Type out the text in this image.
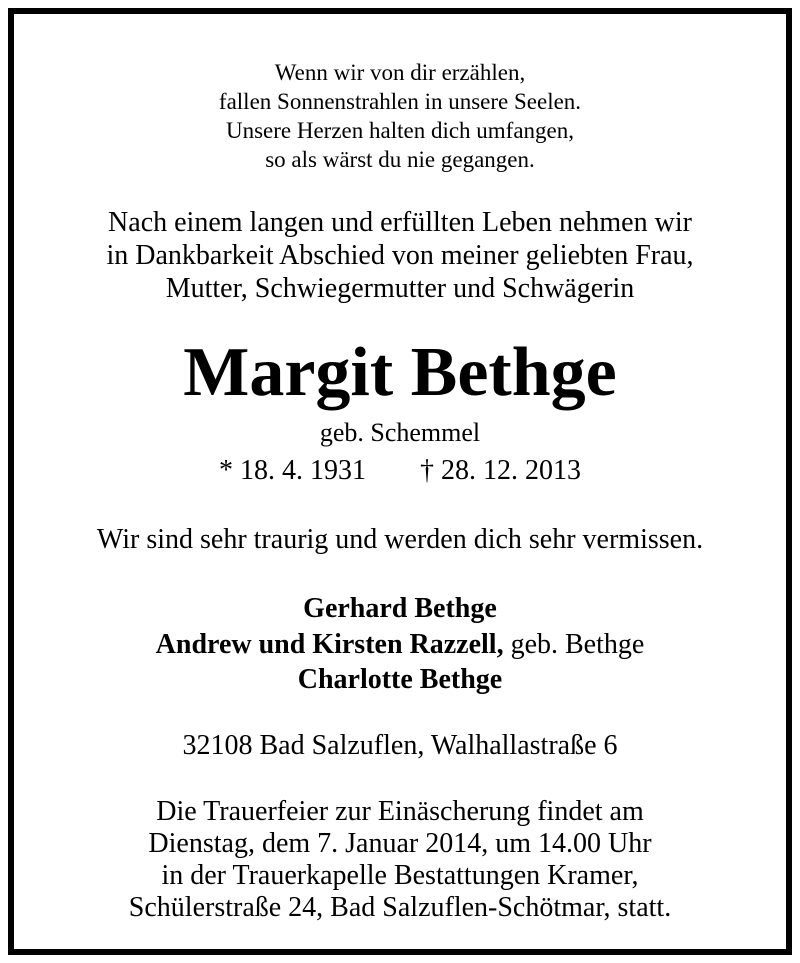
Wenn wir von dir erzählen,
fallen Sonnenstrahlen in unsere Seelen.
Unsere Herzen halten dich umfangen,
so als wärst du nie gegangen.
Nach einem langen und erfüllten Leben nehmen wir
in Dankbarkeit Abschied von meiner geliebten Frau,
Mutter, Schwiegermutter und Schwägerin
Margit Bethge
geb. Schemmel
* 18. 4. 1931 † 28. 12. 2013
Wir sind sehr traurig und werden dich sehr vermissen.
Gerhard Bethge
Andrew und Kirsten Razzell, geb. Bethge
Charlotte Bethge
32108 Bad Salzuflen, Walhallastraße 6
Die Trauerfeier zur Einäscherung findet am
Dienstag, dem 7. Januar 2014, um 14.00 Uhr
in der Trauerkapelle Bestattungen Kramer,
Schülerstraße 24, Bad Salzuflen-Schötmar, statt.
